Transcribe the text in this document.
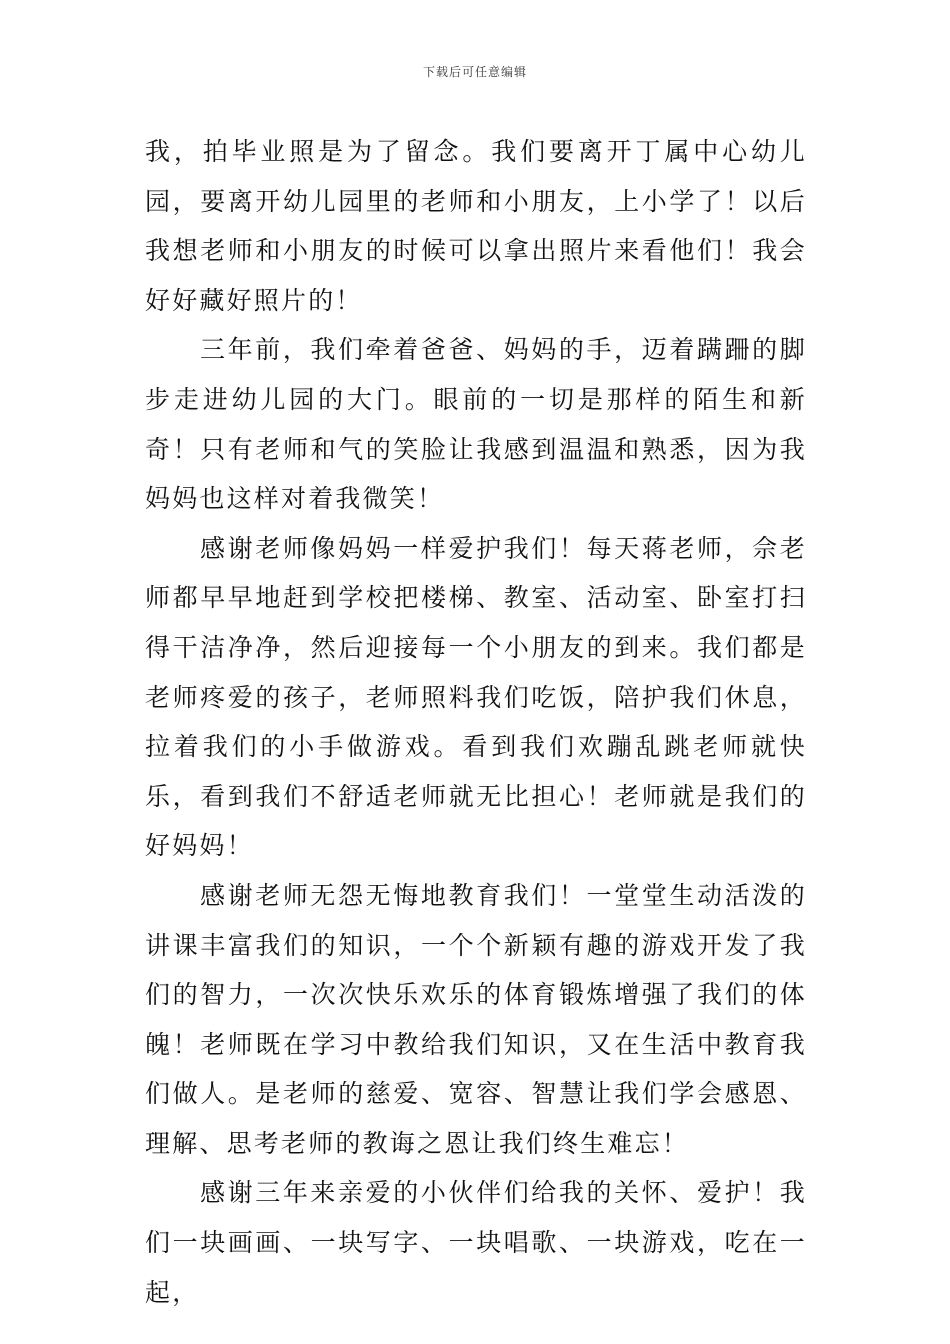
下载后可任意编辑

我，拍毕业照是为了留念。我们要离开丁属中心幼儿园，要离开幼儿园里的老师和小朋友，上小学了！以后我想老师和小朋友的时候可以拿出照片来看他们！我会好好藏好照片的！

三年前，我们牵着爸爸、妈妈的手，迈着蹒跚的脚步走进幼儿园的大门。眼前的一切是那样的陌生和新奇！只有老师和气的笑脸让我感到温温和熟悉，因为我妈妈也这样对着我微笑！

感谢老师像妈妈一样爱护我们！每天蒋老师，佘老师都早早地赶到学校把楼梯、教室、活动室、卧室打扫得干洁净净，然后迎接每一个小朋友的到来。我们都是老师疼爱的孩子，老师照料我们吃饭，陪护我们休息，拉着我们的小手做游戏。看到我们欢蹦乱跳老师就快乐，看到我们不舒适老师就无比担心！老师就是我们的好妈妈！

感谢老师无怨无悔地教育我们！一堂堂生动活泼的讲课丰富我们的知识，一个个新颖有趣的游戏开发了我们的智力，一次次快乐欢乐的体育锻炼增强了我们的体魄！老师既在学习中教给我们知识，又在生活中教育我们做人。是老师的慈爱、宽容、智慧让我们学会感恩、理解、思考老师的教诲之恩让我们终生难忘！

感谢三年来亲爱的小伙伴们给我的关怀、爱护！我们一块画画、一块写字、一块唱歌、一块游戏，吃在一起，
